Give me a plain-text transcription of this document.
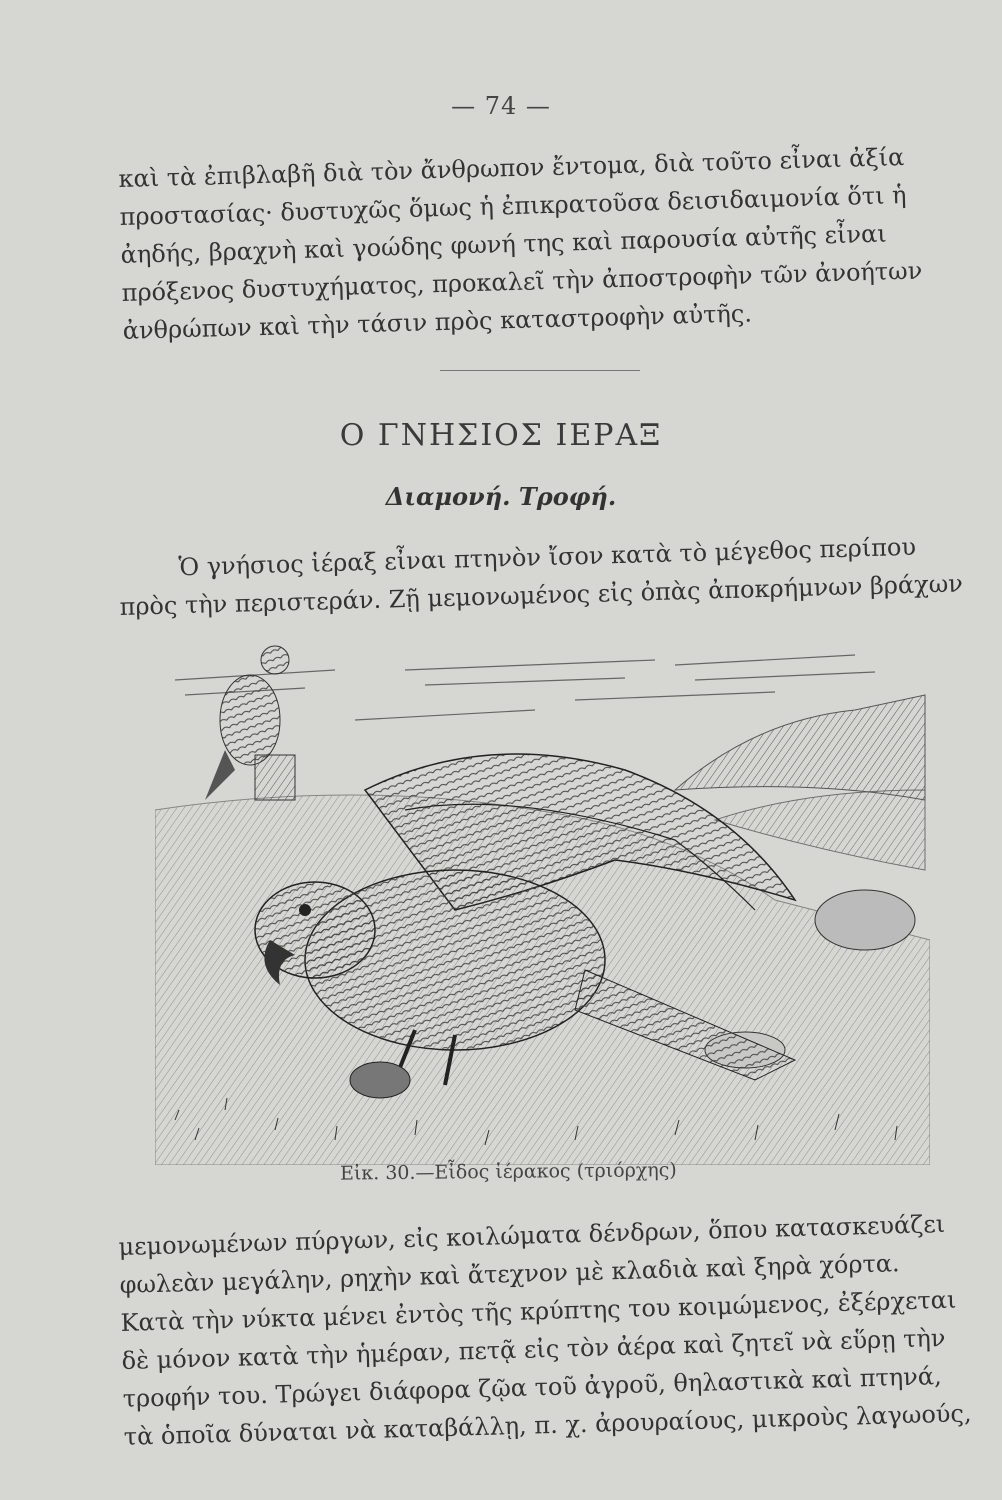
— 74 —
καὶ τὰ ἐπιβλαβῆ διὰ τὸν ἄνθρωπον ἔντομα, διὰ τοῦτο εἶναι ἀξία
προστασίας· δυστυχῶς ὅμως ἡ ἐπικρατοῦσα δεισιδαιμονία ὅτι ἡ
ἀηδής, βραχνὴ καὶ γοώδης φωνή της καὶ παρουσία αὐτῆς εἶναι
πρόξενος δυστυχήματος, προκαλεῖ τὴν ἀποστροφὴν τῶν ἀνοήτων
ἀνθρώπων καὶ τὴν τάσιν πρὸς καταστροφὴν αὐτῆς.
Ο ΓΝΗΣΙΟΣ ΙΕΡΑΞ
Διαμονή. Τροφή.
Ὁ γνήσιος ἱέραξ εἶναι πτηνὸν ἴσον κατὰ τὸ μέγεθος περίπου
πρὸς τὴν περιστεράν. Ζῇ μεμονωμένος εἰς ὀπὰς ἀποκρήμνων βράχων
Εἰκ. 30.—Εἶδος ἱέρακος (τριόρχης)
μεμονωμένων πύργων, εἰς κοιλώματα δένδρων, ὅπου κατασκευάζει
φωλεὰν μεγάλην, ρηχὴν καὶ ἄτεχνον μὲ κλαδιὰ καὶ ξηρὰ χόρτα.
Κατὰ τὴν νύκτα μένει ἐντὸς τῆς κρύπτης του κοιμώμενος, ἐξέρχεται
δὲ μόνον κατὰ τὴν ἡμέραν, πετᾷ εἰς τὸν ἀέρα καὶ ζητεῖ νὰ εὕρῃ τὴν
τροφήν του. Τρώγει διάφορα ζῷα τοῦ ἀγροῦ, θηλαστικὰ καὶ πτηνά,
τὰ ὁποῖα δύναται νὰ καταβάλλῃ, π. χ. ἀρουραίους, μικροὺς λαγωούς,
